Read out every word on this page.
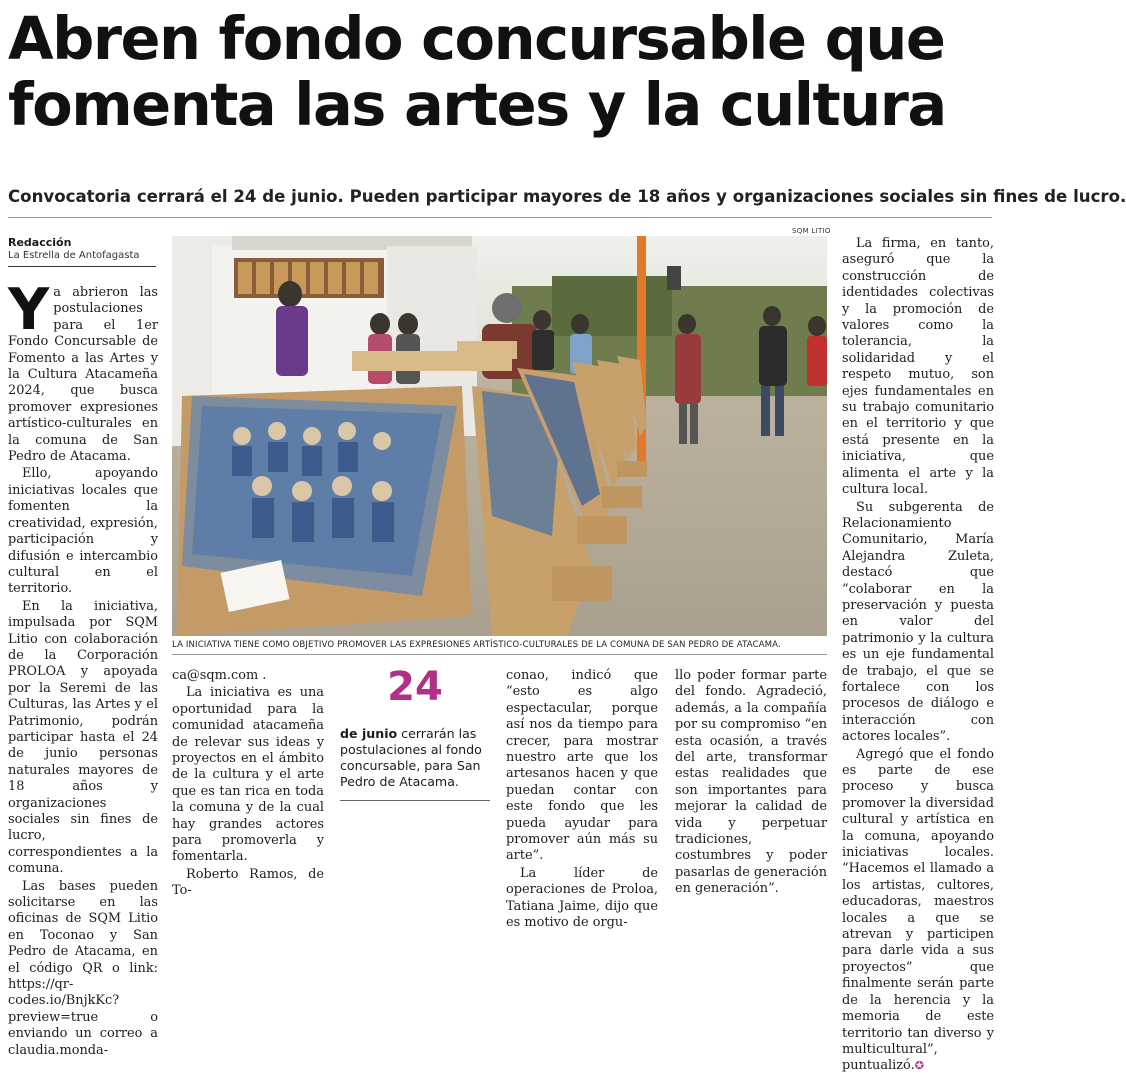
Abren fondo concursable que fomenta las artes y la cultura
Convocatoria cerrará el 24 de junio. Pueden participar mayores de 18 años y organizaciones sociales sin fines de lucro.
Redacción
La Estrella de Antofagasta

Ya abrieron las postulaciones para el 1er Fondo Concursable de Fomento a las Artes y la Cultura Atacameña 2024, que busca promover expresiones artístico-culturales en la comuna de San Pedro de Atacama.

Ello, apoyando iniciativas locales que fomenten la creatividad, expresión, participación y difusión e intercambio cultural en el territorio.

En la iniciativa, impulsada por SQM Litio con colaboración de la Corporación PROLOA y apoyada por la Seremi de las Culturas, las Artes y el Patrimonio, podrán participar hasta el 24 de junio personas naturales mayores de 18 años y organizaciones sociales sin fines de lucro, correspondientes a la comuna.

Las bases pueden solicitarse en las oficinas de SQM Litio en Toconao y San Pedro de Atacama, en el código QR o link: https://qr-codes.io/BnjkKc?preview=true o enviando un correo a claudia.monda-

SQM LITIO
LA INICIATIVA TIENE COMO OBJETIVO PROMOVER LAS EXPRESIONES ARTÍSTICO-CULTURALES DE LA COMUNA DE SAN PEDRO DE ATACAMA.

ca@sqm.com .

La iniciativa es una oportunidad para la comunidad atacameña de relevar sus ideas y proyectos en el ámbito de la cultura y el arte que es tan rica en toda la comuna y de la cual hay grandes actores para promoverla y fomentarla.

Roberto Ramos, de To-

24
de junio cerrarán las postulaciones al fondo concursable, para San Pedro de Atacama.

conao, indicó que “esto es algo espectacular, porque así nos da tiempo para crecer, para mostrar nuestro arte que los artesanos hacen y que puedan contar con este fondo que les pueda ayudar para promover aún más su arte”.

La líder de operaciones de Proloa, Tatiana Jaime, dijo que es motivo de orgu-

llo poder formar parte del fondo. Agradeció, además, a la compañía por su compromiso “en esta ocasión, a través del arte, transformar estas realidades que son importantes para mejorar la calidad de vida y perpetuar tradiciones, costumbres y poder pasarlas de generación en generación”.

La firma, en tanto, aseguró que la construcción de identidades colectivas y la promoción de valores como la tolerancia, la solidaridad y el respeto mutuo, son ejes fundamentales en su trabajo comunitario en el territorio y que está presente en la iniciativa, que alimenta el arte y la cultura local.

Su subgerenta de Relacionamiento Comunitario, María Alejandra Zuleta, destacó que “colaborar en la preservación y puesta en valor del patrimonio y la cultura es un eje fundamental de trabajo, el que se fortalece con los procesos de diálogo e interacción con actores locales”.

Agregó que el fondo es parte de ese proceso y busca promover la diversidad cultural y artística en la comuna, apoyando iniciativas locales. “Hacemos el llamado a los artistas, cultores, educadoras, maestros locales a que se atrevan y participen para darle vida a sus proyectos” que finalmente serán parte de la herencia y la memoria de este territorio tan diverso y multicultural”, puntualizó.✪
